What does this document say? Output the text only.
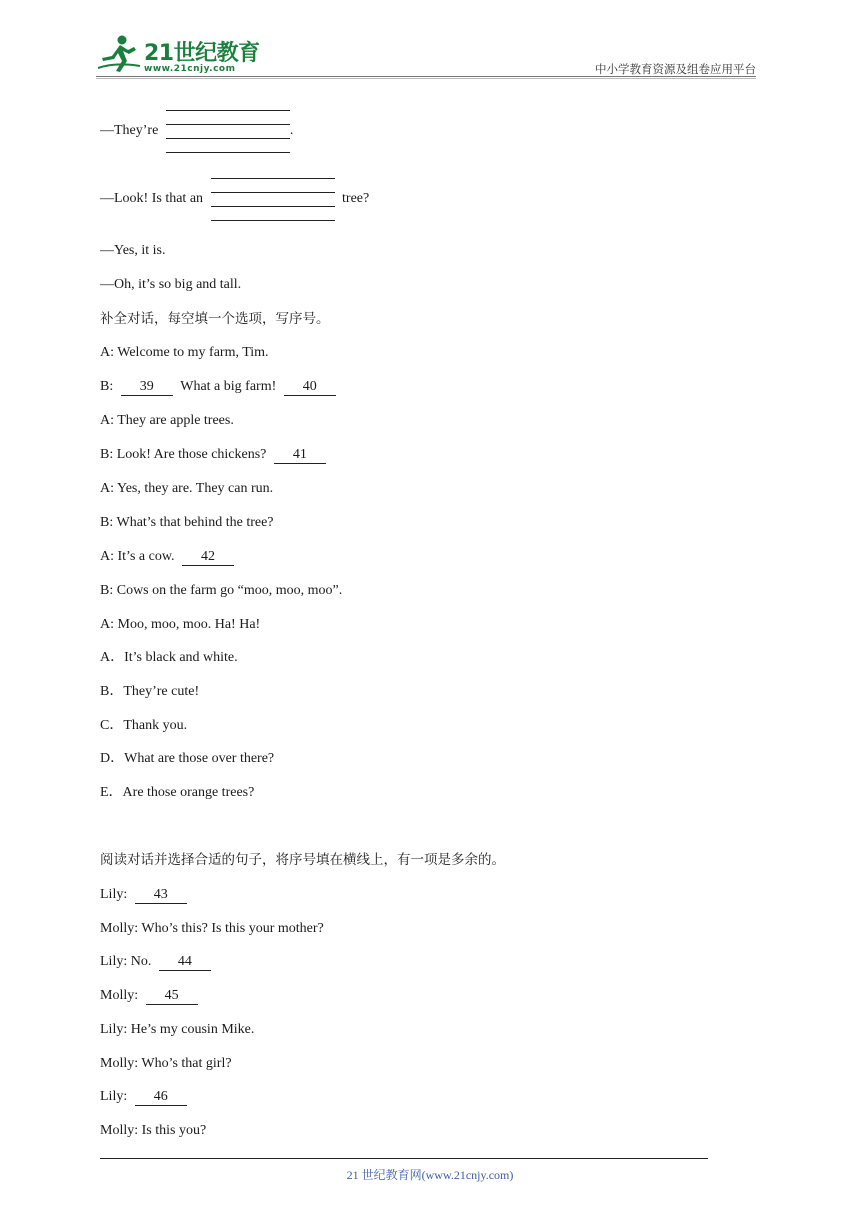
21世纪教育
www.21cnjy.com	中小学教育资源及组卷应用平台
—They’re	.
—Look! Is that an	tree?
—Yes, it is.
—Oh, it’s so big and tall.
补全对话，每空填一个选项，写序号。
A: Welcome to my farm, Tim.
B: 39 What a big farm! 40
A: They are apple trees.
B: Look! Are those chickens? 41
A: Yes, they are. They can run.
B: What’s that behind the tree?
A: It’s a cow. 42
B: Cows on the farm go “moo, moo, moo”.
A: Moo, moo, moo. Ha! Ha!
A．It’s black and white.
B．They’re cute!
C．Thank you.
D．What are those over there?
E．Are those orange trees?
阅读对话并选择合适的句子，将序号填在横线上，有一项是多余的。
Lily: 43
Molly: Who’s this? Is this your mother?
Lily: No. 44
Molly: 45
Lily: He’s my cousin Mike.
Molly: Who’s that girl?
Lily: 46
Molly: Is this you?
21 世纪教育网(www.21cnjy.com)
